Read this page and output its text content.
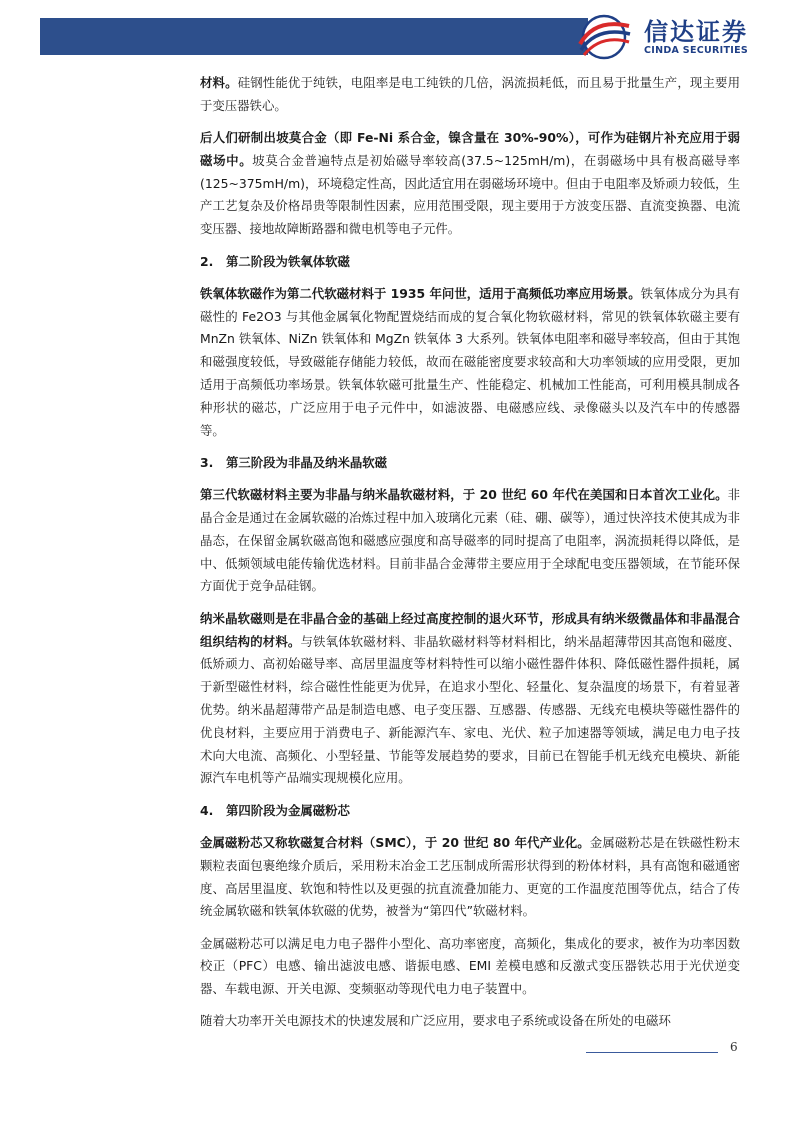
信达证券
CINDA SECURITIES

材料。硅钢性能优于纯铁，电阻率是电工纯铁的几倍，涡流损耗低，而且易于批量生产，现主要用于变压器铁心。

后人们研制出坡莫合金（即 Fe-Ni 系合金，镍含量在 30%-90%），可作为硅钢片补充应用于弱磁场中。坡莫合金普遍特点是初始磁导率较高(37.5~125mH/m)，在弱磁场中具有极高磁导率(125~375mH/m)，环境稳定性高，因此适宜用在弱磁场环境中。但由于电阻率及矫顽力较低，生产工艺复杂及价格昂贵等限制性因素，应用范围受限，现主要用于方波变压器、直流变换器、电流变压器、接地故障断路器和微电机等电子元件。

2. 第二阶段为铁氧体软磁

铁氧体软磁作为第二代软磁材料于 1935 年问世，适用于高频低功率应用场景。铁氧体成分为具有磁性的 Fe2O3 与其他金属氧化物配置烧结而成的复合氧化物软磁材料，常见的铁氧体软磁主要有 MnZn 铁氧体、NiZn 铁氧体和 MgZn 铁氧体 3 大系列。铁氧体电阻率和磁导率较高，但由于其饱和磁强度较低，导致磁能存储能力较低，故而在磁能密度要求较高和大功率领域的应用受限，更加适用于高频低功率场景。铁氧体软磁可批量生产、性能稳定、机械加工性能高，可利用模具制成各种形状的磁芯，广泛应用于电子元件中，如滤波器、电磁感应线、录像磁头以及汽车中的传感器等。

3. 第三阶段为非晶及纳米晶软磁

第三代软磁材料主要为非晶与纳米晶软磁材料，于 20 世纪 60 年代在美国和日本首次工业化。非晶合金是通过在金属软磁的冶炼过程中加入玻璃化元素（硅、硼、碳等），通过快淬技术使其成为非晶态，在保留金属软磁高饱和磁感应强度和高导磁率的同时提高了电阻率，涡流损耗得以降低，是中、低频领域电能传输优选材料。目前非晶合金薄带主要应用于全球配电变压器领域，在节能环保方面优于竞争品硅钢。

纳米晶软磁则是在非晶合金的基础上经过高度控制的退火环节，形成具有纳米级微晶体和非晶混合组织结构的材料。与铁氧体软磁材料、非晶软磁材料等材料相比，纳米晶超薄带因其高饱和磁度、低矫顽力、高初始磁导率、高居里温度等材料特性可以缩小磁性器件体积、降低磁性器件损耗，属于新型磁性材料，综合磁性性能更为优异，在追求小型化、轻量化、复杂温度的场景下，有着显著优势。纳米晶超薄带产品是制造电感、电子变压器、互感器、传感器、无线充电模块等磁性器件的优良材料，主要应用于消费电子、新能源汽车、家电、光伏、粒子加速器等领域，满足电力电子技术向大电流、高频化、小型轻量、节能等发展趋势的要求，目前已在智能手机无线充电模块、新能源汽车电机等产品端实现规模化应用。

4. 第四阶段为金属磁粉芯

金属磁粉芯又称软磁复合材料（SMC），于 20 世纪 80 年代产业化。金属磁粉芯是在铁磁性粉末颗粒表面包裹绝缘介质后，采用粉末冶金工艺压制成所需形状得到的粉体材料，具有高饱和磁通密度、高居里温度、软饱和特性以及更强的抗直流叠加能力、更宽的工作温度范围等优点，结合了传统金属软磁和铁氧体软磁的优势，被誉为“第四代”软磁材料。

金属磁粉芯可以满足电力电子器件小型化、高功率密度，高频化，集成化的要求，被作为功率因数校正（PFC）电感、输出滤波电感、谐振电感、EMI 差模电感和反激式变压器铁芯用于光伏逆变器、车载电源、开关电源、变频驱动等现代电力电子装置中。

随着大功率开关电源技术的快速发展和广泛应用，要求电子系统或设备在所处的电磁环

6
